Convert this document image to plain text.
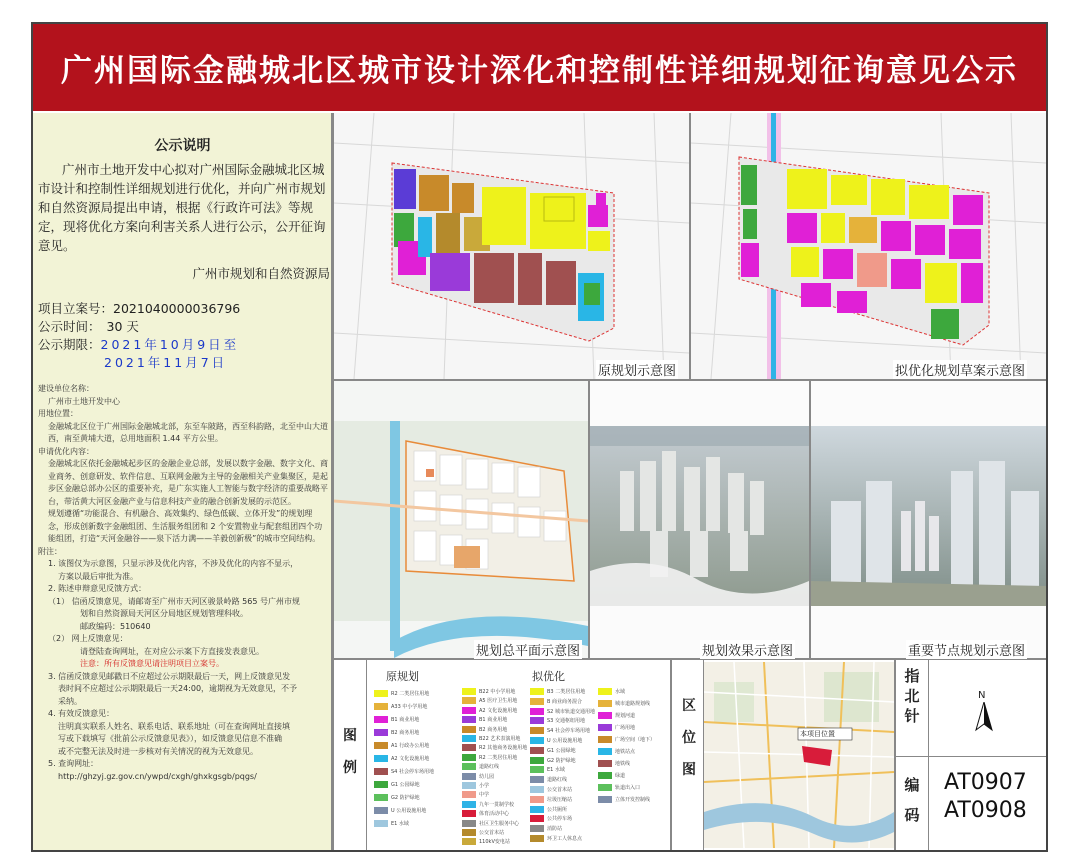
广州国际金融城北区城市设计深化和控制性详细规划征询意见公示
公示说明
广州市土地开发中心拟对广州国际金融城北区城市设计和控制性详细规划进行优化，并向广州市规划和自然资源局提出申请，根据《行政许可法》等规定，现将优化方案向利害关系人进行公示，公开征询意见。
广州市规划和自然资源局
项目立案号：2021040000036796
公示时间： 30 天
公示期限：2021年10月9日至
2021年11月7日

建设单位名称：

广州市土地开发中心

用地位置：

金融城北区位于广州国际金融城北部，东至车陂路，西至科韵路，北至中山大道西，南至黄埔大道，总用地面积 1.44 平方公里。

申请优化内容：

金融城北区依托金融城起步区的金融企业总部，发展以数字金融、数字文化、商业商务、创意研发、软件信息、互联网金融为主导的金融相关产业集聚区，是起步区金融总部办公区的重要补充，是广东实施人工智能与数字经济的重要战略平台，带活黄大河区金融产业与信息科技产业的融合创新发展的示范区。

规划遵循“功能混合、有机融合、高效集约、绿色低碳、立体开发”的规划理念，形成创新数字金融组团、生活服务组团和 2 个安置物业与配套组团四个功能组团，打造“天河金融谷——泉下活力满——羊毅创新极”的城市空间结构。

附注：

1. 该图仅为示意图，只显示涉及优化内容，不涉及优化的内容不显示，

方案以最后审批为准。

2. 陈述申辩意见反馈方式：

（1） 信函反馈意见，请邮寄至广州市天河区骏景岭路 565 号广州市规

划和自然资源局天河区分局地区规划管理科收。

邮政编码：510640

（2） 网上反馈意见：

请登陆查询网址，在对应公示案下方直接发表意见。

注意：所有反馈意见请注明项目立案号。

3. 信函反馈意见邮戳日不应超过公示期限最后一天，网上反馈意见发

表时间不应超过公示期限最后一天24:00，逾期视为无效意见，不予

采纳。

4. 有效反馈意见：

注明真实联系人姓名、联系电话、联系地址（可在查询网址直接填

写或下载填写《批前公示反馈意见表》），如反馈意见信息不准确

或不完整无法及时进一步核对有关情况的视为无效意见。

5. 查询网址：

http://ghzyj.gz.gov.cn/ywpd/cxgh/ghxkgsgb/pqgs/

原规划示意图	拟优化规划草案示意图
规划总平面示意图	规划效果示意图	重要节点规划示意图
图例
原规划	拟优化
R2 二类居住用地
A33 中小学用地
B1 商业用地
B2 商务用地
A1 行政办公用地
A2 文化设施用地
S4 社会停车场用地
G1 公园绿地
G2 防护绿地
U 公用设施用地
E1 水域
B22 中小学用地
A5 医疗卫生用地
A2 文化设施用地
B1 商业用地
B2 商务用地
B22 艺术表演用地
R2 其他商务设施用地
R2 二类居住用地
道路红线
幼儿园
小学
中学
九年一贯制学校
体育活动中心
社区卫生服务中心
公交首末站
110kV变电站
B3 二类居住用地
B 商业商务混合
S2 城市轨道交通用地
S3 交通枢纽用地
S4 社会停车场用地
U 公用设施用地
G1 公园绿地
G2 防护绿地
E1 水域
道路红线
公交首末站
垃圾压缩站
公共厕所
公共停车场
消防站
环卫工人休息点
水域
城市道路规划线
规划河道
广场用地
广场空间（地下）
地铁站点
地铁线
绿道
轨道出入口
立体开发控制线
区位图
本项目位置
指北针
N
编码
AT0907
AT0908
